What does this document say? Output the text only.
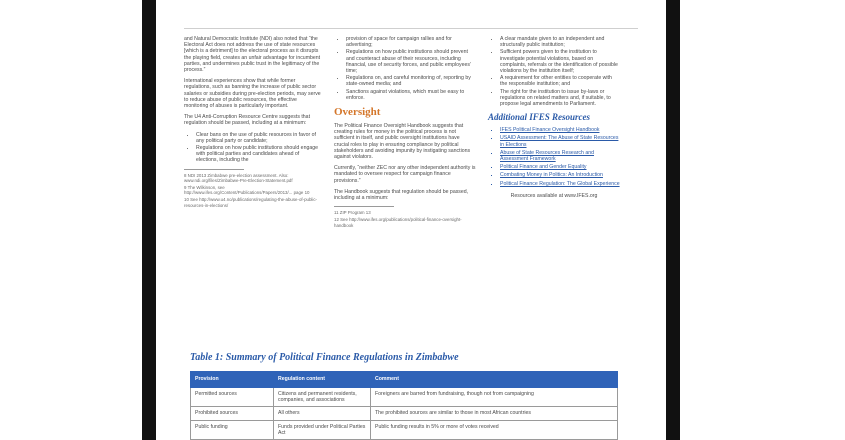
and Natural Democratic Institute (NDI) also noted that “the Electoral Act does not address the use of state resources [which is a detriment] to the electoral process as it disrupts the playing field, creates an unfair advantage for incumbent parties, and undermines public trust in the legitimacy of the process.”

International experiences show that while former regulations, such as banning the increase of public sector salaries or subsidies during pre-election periods, may serve to reduce abuse of public resources, the effective monitoring of abuses is particularly important.

The U4 Anti-Corruption Resource Centre suggests that regulation should be passed, including at a minimum:

• Clear bans on the use of public resources in favor of any political party or candidate;
• Regulations on how public institutions should engage with political parties and candidates ahead of elections, including the
8 NDI 2013 Zimbabwe pre-election assessment. Also: www.ndi.org/files/Zimbabwe-Pre-Election-Statement.pdf
9 The Wilkinson, see http://www.ifes.org/Content/Publications/Papers/2013/... page 10
10 See http://www.u4.no/publications/regulating-the-abuse-of-public-resources-in-elections/
• provision of space for campaign rallies and for advertising;
• Regulations on how public institutions should prevent and counteract abuse of their resources, including financial, use of security forces, and public employees’ time;
• Regulations on, and careful monitoring of, reporting by state-owned media; and
• Sanctions against violations, which must be easy to enforce.
Oversight

The Political Finance Oversight Handbook suggests that creating rules for money in the political process is not sufficient in itself, and public oversight institutions have crucial roles to play in ensuring compliance by political stakeholders and avoiding impunity by instigating sanctions against violators.

Currently, “neither ZEC nor any other independent authority is mandated to oversee respect for campaign finance provisions.”

The Handbook suggests that regulation should be passed, including at a minimum:

11 ZIP Program 13
12 See http://www.ifes.org/publications/political-finance-oversight-handbook
• A clear mandate given to an independent and structurally public institution;
• Sufficient powers given to the institution to investigate potential violations, based on complaints, referrals or the identification of possible violations by the institution itself;
• A requirement for other entities to cooperate with the responsible institution; and
• The right for the institution to issue by-laws or regulations on related matters and, if suitable, to propose legal amendments to Parliament.
Additional IFES Resources
▪ IFES Political Finance Oversight Handbook
▪ USAID Assessment: The Abuse of State Resources in Elections
▪ Abuse of State Resources Research and Assessment Framework
▪ Political Finance and Gender Equality
▪ Combating Money in Politics: An Introduction
▪ Political Finance Regulation: The Global Experience
Resources available at www.IFES.org
Table 1: Summary of Political Finance Regulations in Zimbabwe
Provision	Regulation content	Comment
Permitted sources	Citizens and permanent residents, companies, and associations	Foreigners are barred from fundraising, though not from campaigning
Prohibited sources	All others	The prohibited sources are similar to those in most African countries
Public funding	Funds provided under Political Parties Act	Public funding results in 5% or more of votes received
